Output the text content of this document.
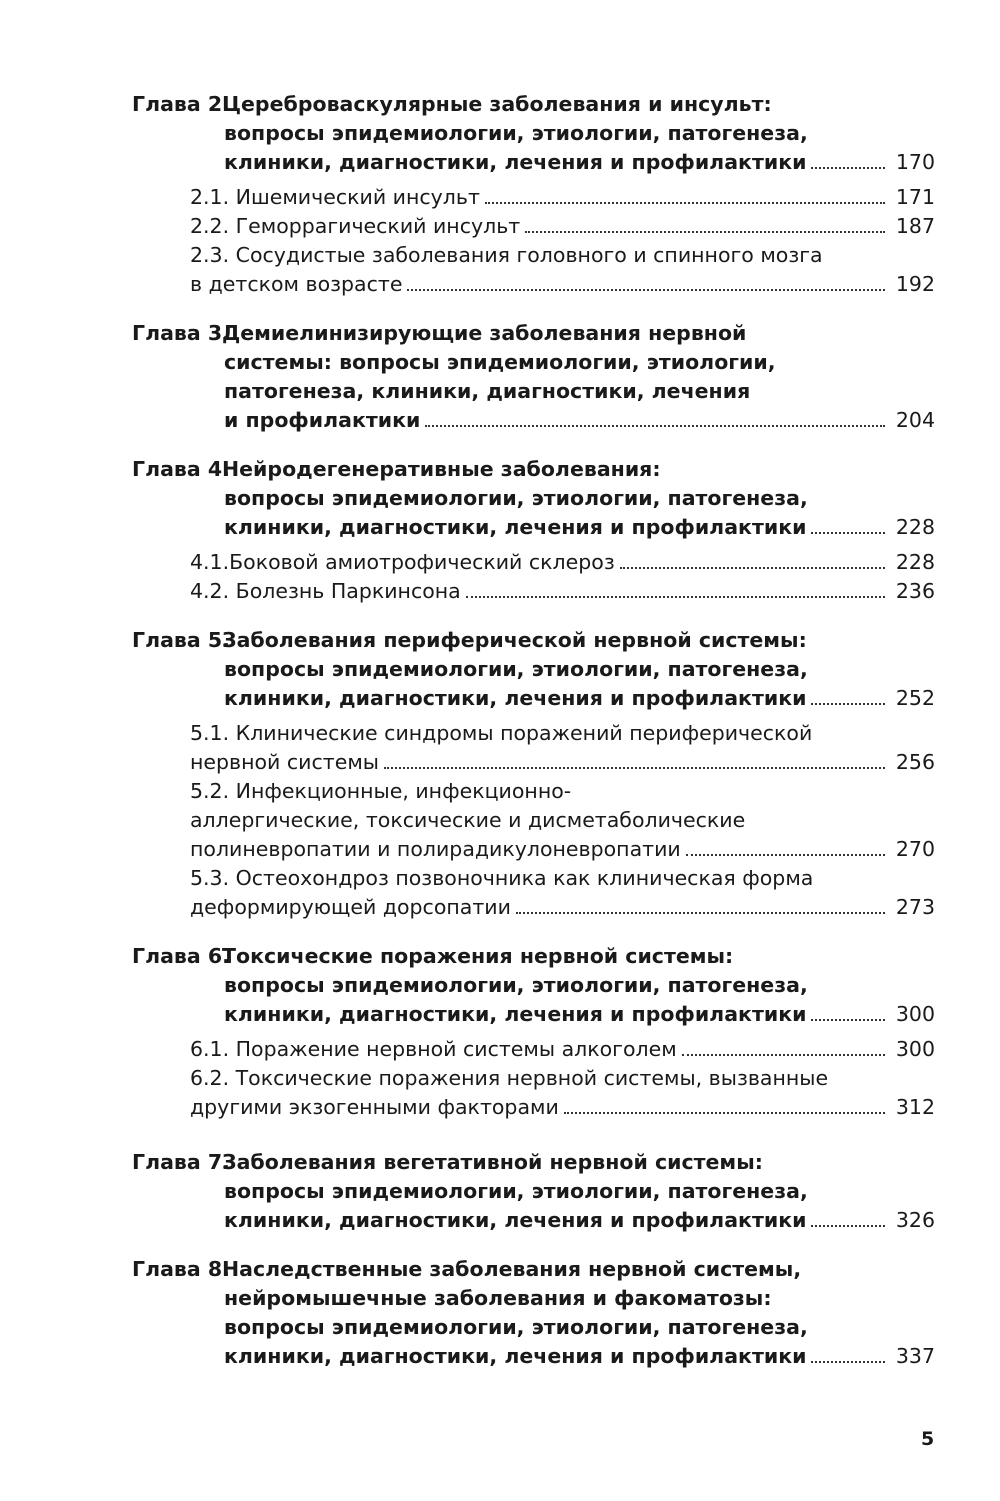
Глава 2.
Цереброваскулярные заболевания и инсульт:
вопросы эпидемиологии, этиологии, патогенеза,
клиники, диагностики, лечения и профилактики	170
2.1. Ишемический инсульт	171
2.2. Геморрагический инсульт	187
2.3. Сосудистые заболевания головного и спинного мозга
в детском возрасте	192
Глава 3.
Демиелинизирующие заболевания нервной
системы: вопросы эпидемиологии, этиологии,
патогенеза, клиники, диагностики, лечения
и профилактики	204
Глава 4.
Нейродегенеративные заболевания:
вопросы эпидемиологии, этиологии, патогенеза,
клиники, диагностики, лечения и профилактики	228
4.1.Боковой амиотрофический склероз	228
4.2. Болезнь Паркинсона	236
Глава 5.
Заболевания периферической нервной системы:
вопросы эпидемиологии, этиологии, патогенеза,
клиники, диагностики, лечения и профилактики	252
5.1. Клинические синдромы поражений периферической
нервной системы	256
5.2. Инфекционные, инфекционно-
аллергические, токсические и дисметаболические
полиневропатии и полирадикулоневропатии	270
5.3. Остеохондроз позвоночника как клиническая форма
деформирующей дорсопатии	273
Глава 6.
Токсические поражения нервной системы:
вопросы эпидемиологии, этиологии, патогенеза,
клиники, диагностики, лечения и профилактики	300
6.1. Поражение нервной системы алкоголем	300
6.2. Токсические поражения нервной системы, вызванные
другими экзогенными факторами	312
Глава 7.
Заболевания вегетативной нервной системы:
вопросы эпидемиологии, этиологии, патогенеза,
клиники, диагностики, лечения и профилактики	326
Глава 8.
Наследственные заболевания нервной системы,
нейромышечные заболевания и факоматозы:
вопросы эпидемиологии, этиологии, патогенеза,
клиники, диагностики, лечения и профилактики	337
5
